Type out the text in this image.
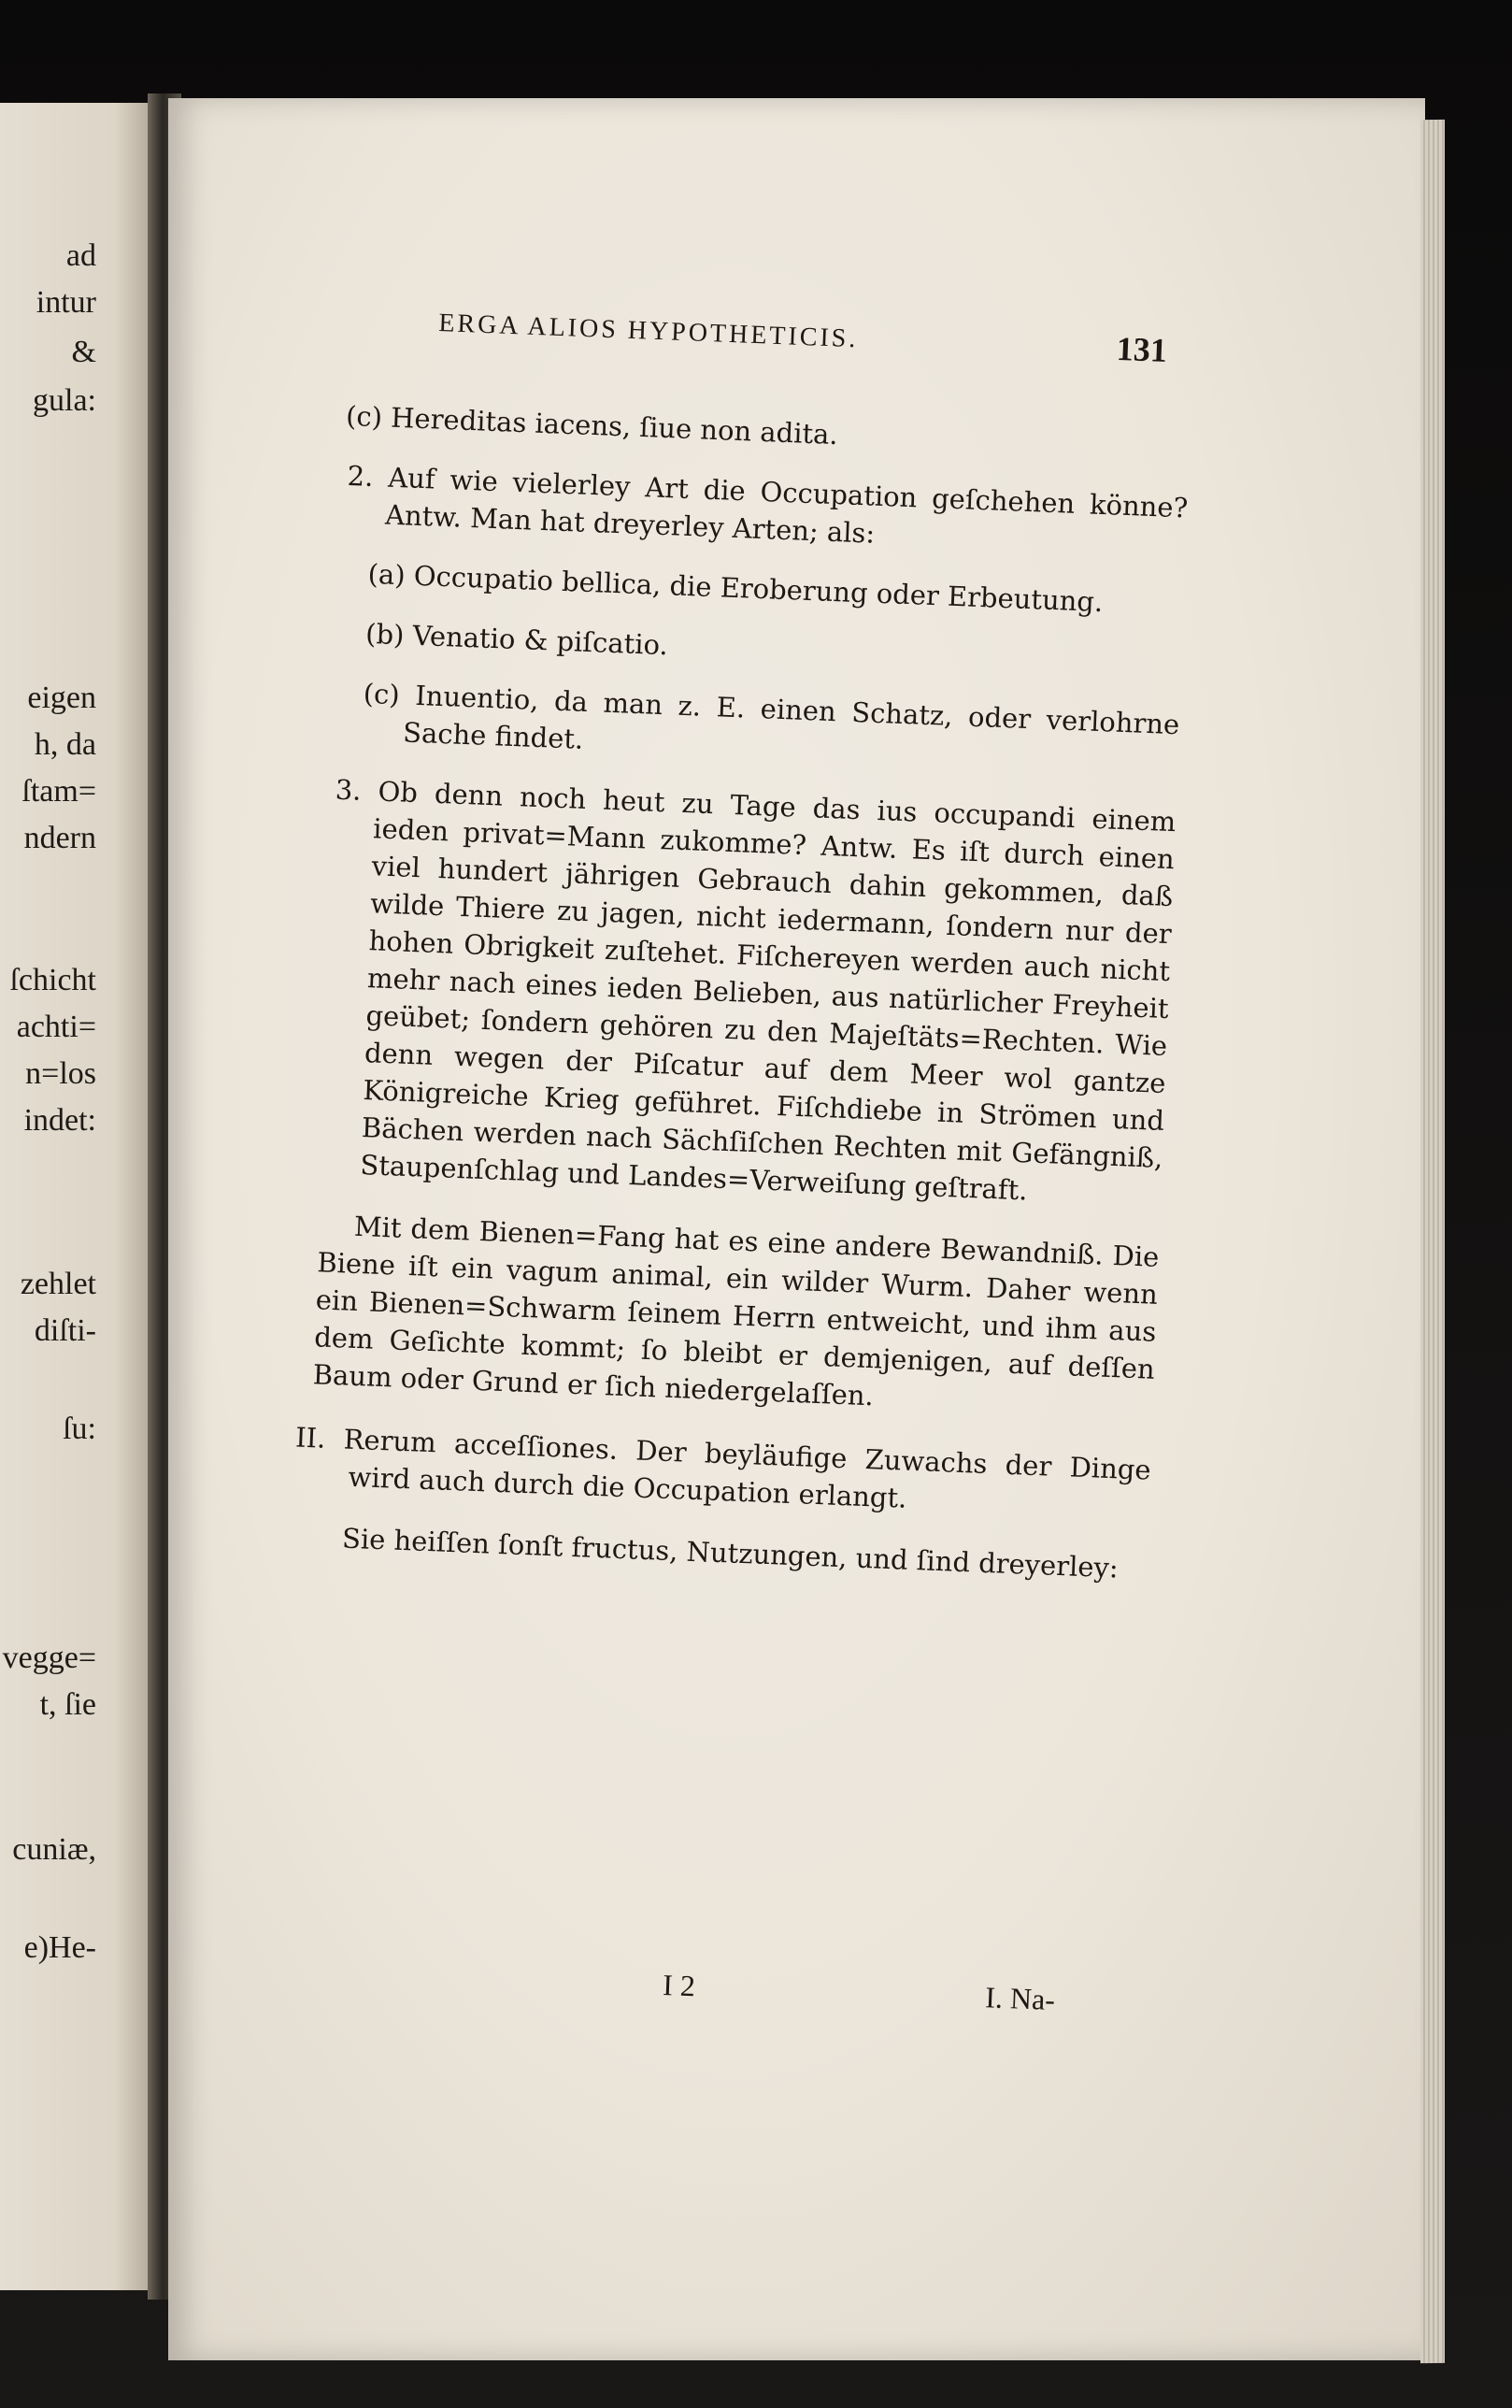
ad
intur
&
gula:
eigen
h, da
ſtam=
ndern
ſchicht
achti=
n=los
indet:
zehlet
diſti-
ſu:
vegge=
t, ſie
cuniæ,
e)He-
ERGA ALIOS HYPOTHETICIS.	131

(c) Hereditas iacens, ſiue non adita.

2. Auf wie vielerley Art die Occupation geſchehen könne? Antw. Man hat dreyerley Arten; als:

(a) Occupatio bellica, die Eroberung oder Erbeutung.

(b) Venatio & piſcatio.

(c) Inuentio, da man z. E. einen Schatz, oder verlohrne Sache findet.

3. Ob denn noch heut zu Tage das ius occupandi einem ieden privat=Mann zukomme? Antw. Es iſt durch einen viel hundert jährigen Gebrauch dahin gekommen, daß wilde Thiere zu jagen, nicht iedermann, ſondern nur der hohen Obrigkeit zuſtehet. Fiſchereyen werden auch nicht mehr nach eines ieden Belieben, aus natürlicher Freyheit geübet; ſondern gehören zu den Majeſtäts=Rechten. Wie denn wegen der Piſcatur auf dem Meer wol gantze Königreiche Krieg geführet. Fiſchdiebe in Strömen und Bächen werden nach Sächſiſchen Rechten mit Gefängniß, Staupenſchlag und Landes=Verweiſung geſtraft.

Mit dem Bienen=Fang hat es eine andere Bewandniß. Die Biene iſt ein vagum animal, ein wilder Wurm. Daher wenn ein Bienen=Schwarm ſeinem Herrn entweicht, und ihm aus dem Geſichte kommt; ſo bleibt er demjenigen, auf deſſen Baum oder Grund er ſich niedergelaſſen.

II. Rerum acceſſiones. Der beyläufige Zuwachs der Dinge wird auch durch die Occupation erlangt.

Sie heiſſen ſonſt fructus, Nutzungen, und ſind dreyerley:

I 2	I. Na-
